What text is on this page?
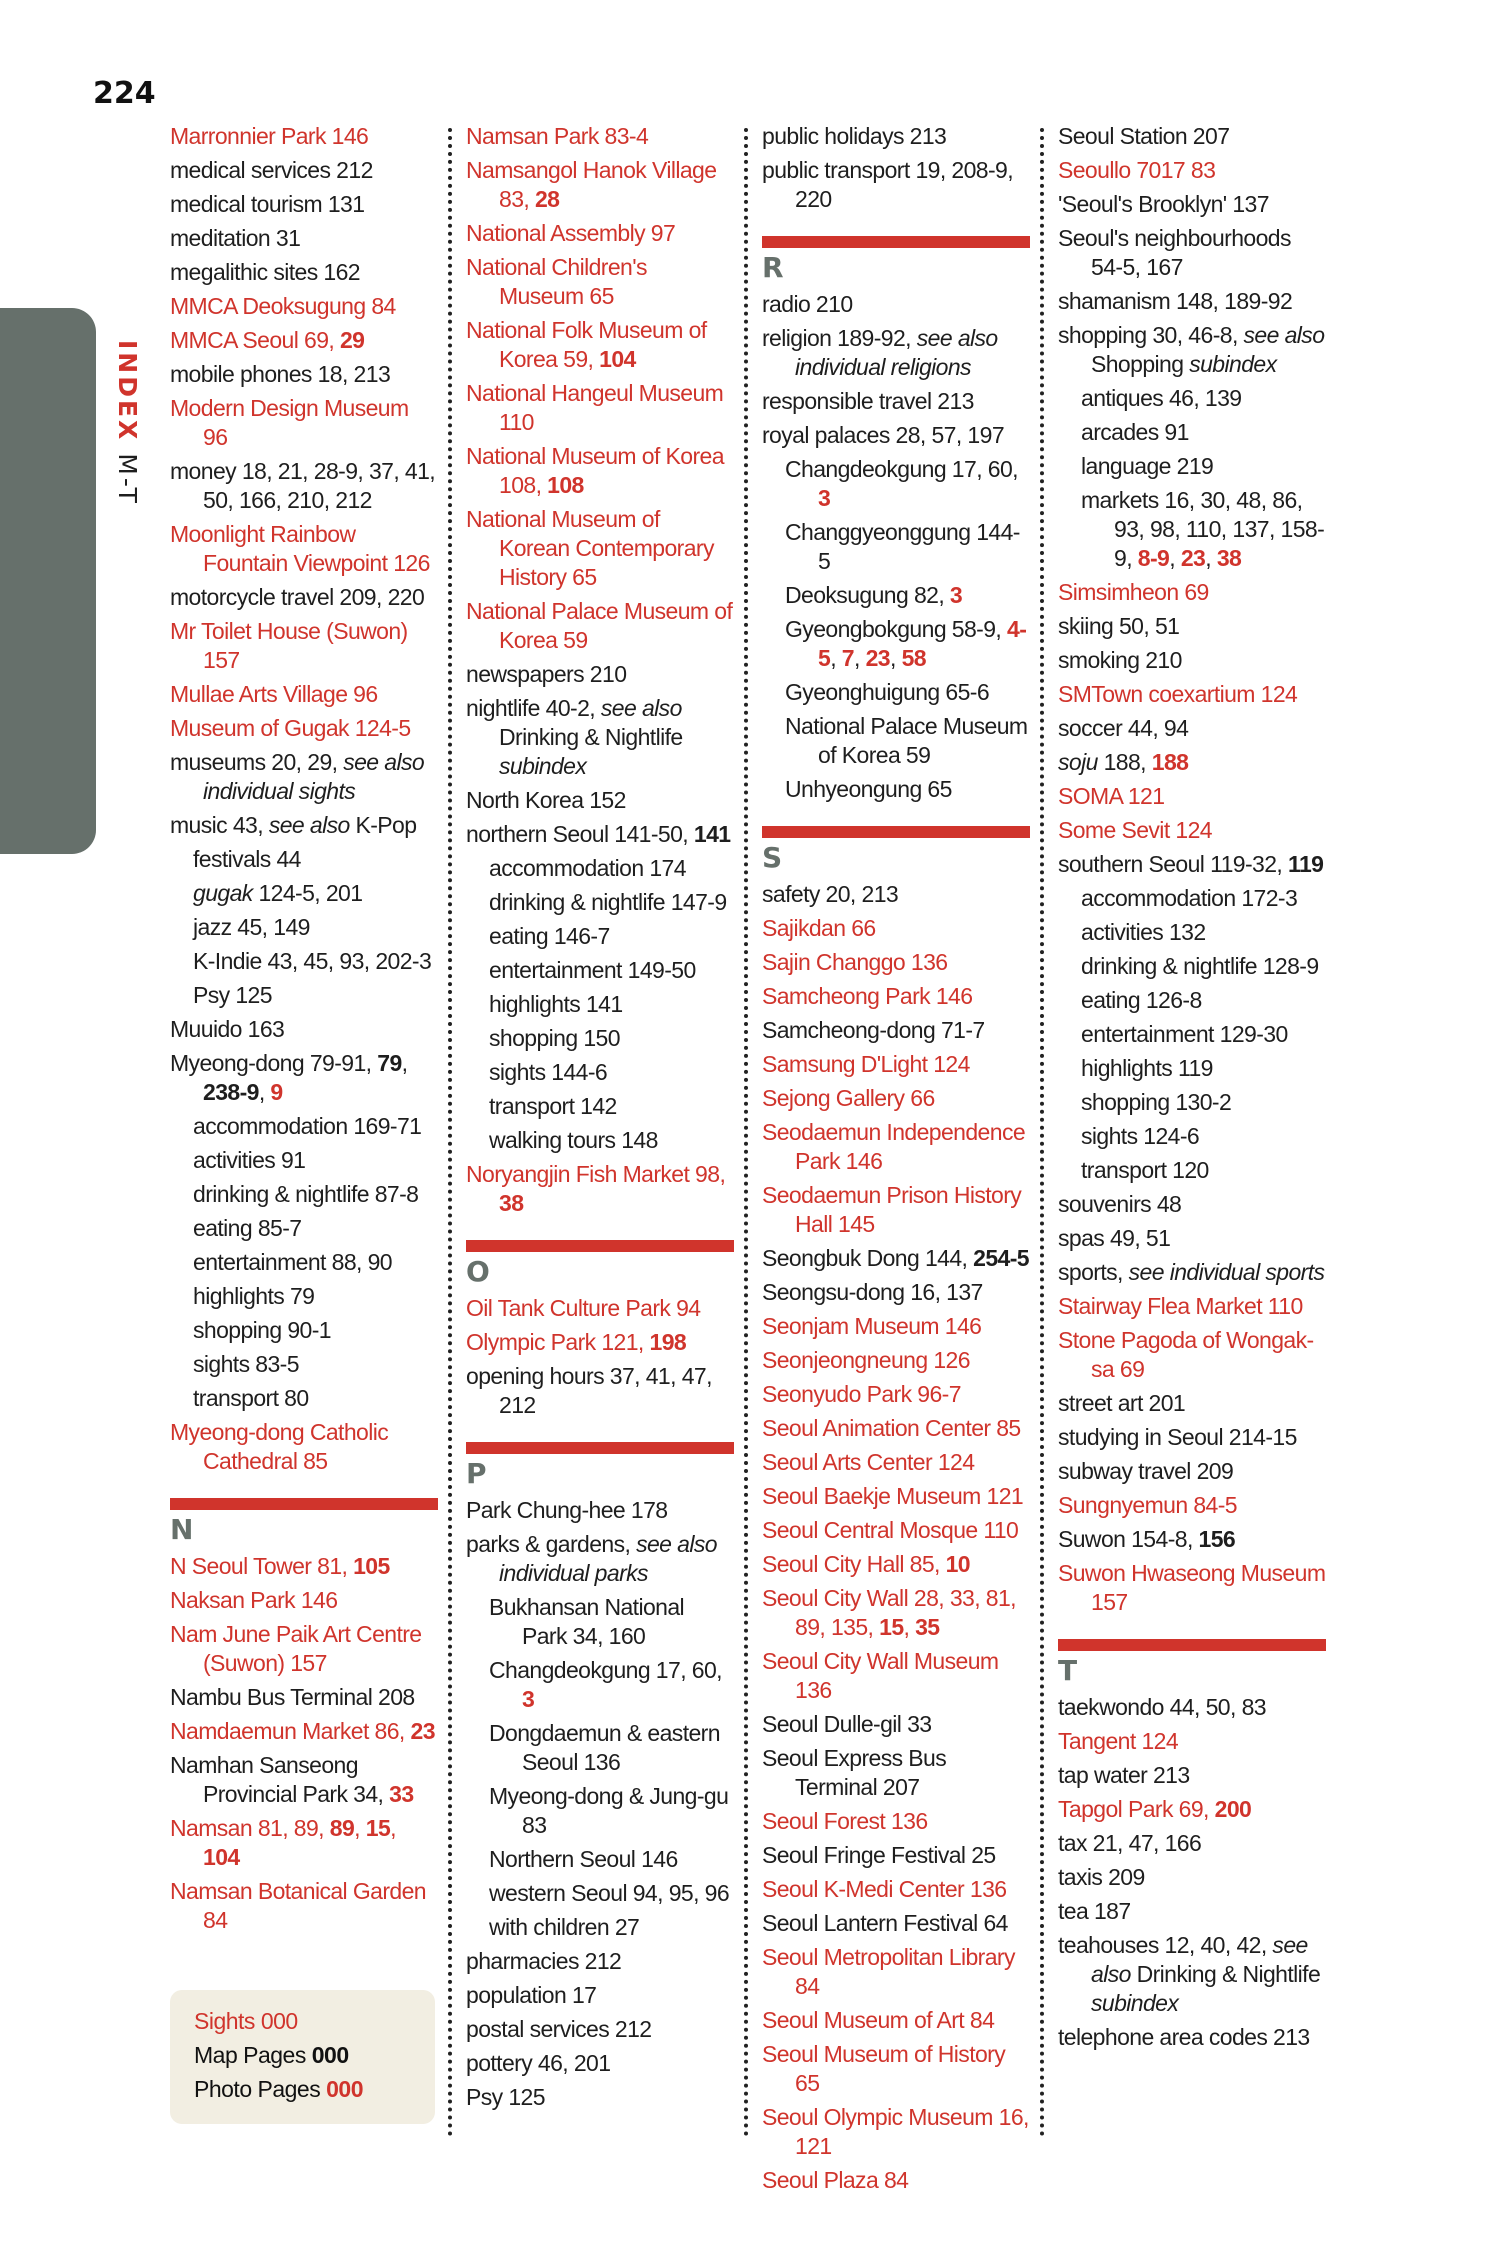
224
INDEX M-T
Marronnier Park 146
medical services 212
medical tourism 131
meditation 31
megalithic sites 162
MMCA Deoksugung 84
MMCA Seoul 69, 29
mobile phones 18, 213
Modern Design Museum 96
money 18, 21, 28-9, 37, 41, 50, 166, 210, 212
Moonlight Rainbow Fountain Viewpoint 126
motorcycle travel 209, 220
Mr Toilet House (Suwon) 157
Mullae Arts Village 96
Museum of Gugak 124-5
museums 20, 29, see also individual sights
music 43, see also K-Pop
festivals 44
gugak 124-5, 201
jazz 45, 149
K-Indie 43, 45, 93, 202-3
Psy 125
Muuido 163
Myeong-dong 79-91, 79, 238-9, 9
accommodation 169-71
activities 91
drinking & nightlife 87-8
eating 85-7
entertainment 88, 90
highlights 79
shopping 90-1
sights 83-5
transport 80
Myeong-dong Catholic Cathedral 85
N
N Seoul Tower 81, 105
Naksan Park 146
Nam June Paik Art Centre (Suwon) 157
Nambu Bus Terminal 208
Namdaemun Market 86, 23
Namhan Sanseong Provincial Park 34, 33
Namsan 81, 89, 89, 15, 104
Namsan Botanical Garden 84
Namsan Park 83-4
Namsangol Hanok Village 83, 28
National Assembly 97
National Children's Museum 65
National Folk Museum of Korea 59, 104
National Hangeul Museum 110
National Museum of Korea 108, 108
National Museum of Korean Contemporary History 65
National Palace Museum of Korea 59
newspapers 210
nightlife 40-2, see also Drinking & Nightlife subindex
North Korea 152
northern Seoul 141-50, 141
accommodation 174
drinking & nightlife 147-9
eating 146-7
entertainment 149-50
highlights 141
shopping 150
sights 144-6
transport 142
walking tours 148
Noryangjin Fish Market 98, 38
O
Oil Tank Culture Park 94
Olympic Park 121, 198
opening hours 37, 41, 47, 212
P
Park Chung-hee 178
parks & gardens, see also individual parks
Bukhansan National Park 34, 160
Changdeokgung 17, 60, 3
Dongdaemun & eastern Seoul 136
Myeong-dong & Jung-gu 83
Northern Seoul 146
western Seoul 94, 95, 96
with children 27
pharmacies 212
population 17
postal services 212
pottery 46, 201
Psy 125
public holidays 213
public transport 19, 208-9, 220
R
radio 210
religion 189-92, see also individual religions
responsible travel 213
royal palaces 28, 57, 197
Changdeokgung 17, 60, 3
Changgyeonggung 144-5
Deoksugung 82, 3
Gyeongbokgung 58-9, 4-5, 7, 23, 58
Gyeonghuigung 65-6
National Palace Museum of Korea 59
Unhyeongung 65
S
safety 20, 213
Sajikdan 66
Sajin Changgo 136
Samcheong Park 146
Samcheong-dong 71-7
Samsung D'Light 124
Sejong Gallery 66
Seodaemun Independence Park 146
Seodaemun Prison History Hall 145
Seongbuk Dong 144, 254-5
Seongsu-dong 16, 137
Seonjam Museum 146
Seonjeongneung 126
Seonyudo Park 96-7
Seoul Animation Center 85
Seoul Arts Center 124
Seoul Baekje Museum 121
Seoul Central Mosque 110
Seoul City Hall 85, 10
Seoul City Wall 28, 33, 81, 89, 135, 15, 35
Seoul City Wall Museum 136
Seoul Dulle-gil 33
Seoul Express Bus Terminal 207
Seoul Forest 136
Seoul Fringe Festival 25
Seoul K-Medi Center 136
Seoul Lantern Festival 64
Seoul Metropolitan Library 84
Seoul Museum of Art 84
Seoul Museum of History 65
Seoul Olympic Museum 16, 121
Seoul Plaza 84
Seoul Station 207
Seoullo 7017 83
'Seoul's Brooklyn' 137
Seoul's neighbourhoods 54-5, 167
shamanism 148, 189-92
shopping 30, 46-8, see also Shopping subindex
antiques 46, 139
arcades 91
language 219
markets 16, 30, 48, 86, 93, 98, 110, 137, 158-9, 8-9, 23, 38
Simsimheon 69
skiing 50, 51
smoking 210
SMTown coexartium 124
soccer 44, 94
soju 188, 188
SOMA 121
Some Sevit 124
southern Seoul 119-32, 119
accommodation 172-3
activities 132
drinking & nightlife 128-9
eating 126-8
entertainment 129-30
highlights 119
shopping 130-2
sights 124-6
transport 120
souvenirs 48
spas 49, 51
sports, see individual sports
Stairway Flea Market 110
Stone Pagoda of Wongak-sa 69
street art 201
studying in Seoul 214-15
subway travel 209
Sungnyemun 84-5
Suwon 154-8, 156
Suwon Hwaseong Museum 157
T
taekwondo 44, 50, 83
Tangent 124
tap water 213
Tapgol Park 69, 200
tax 21, 47, 166
taxis 209
tea 187
teahouses 12, 40, 42, see also Drinking & Nightlife subindex
telephone area codes 213
Sights 000
Map Pages 000
Photo Pages 000
